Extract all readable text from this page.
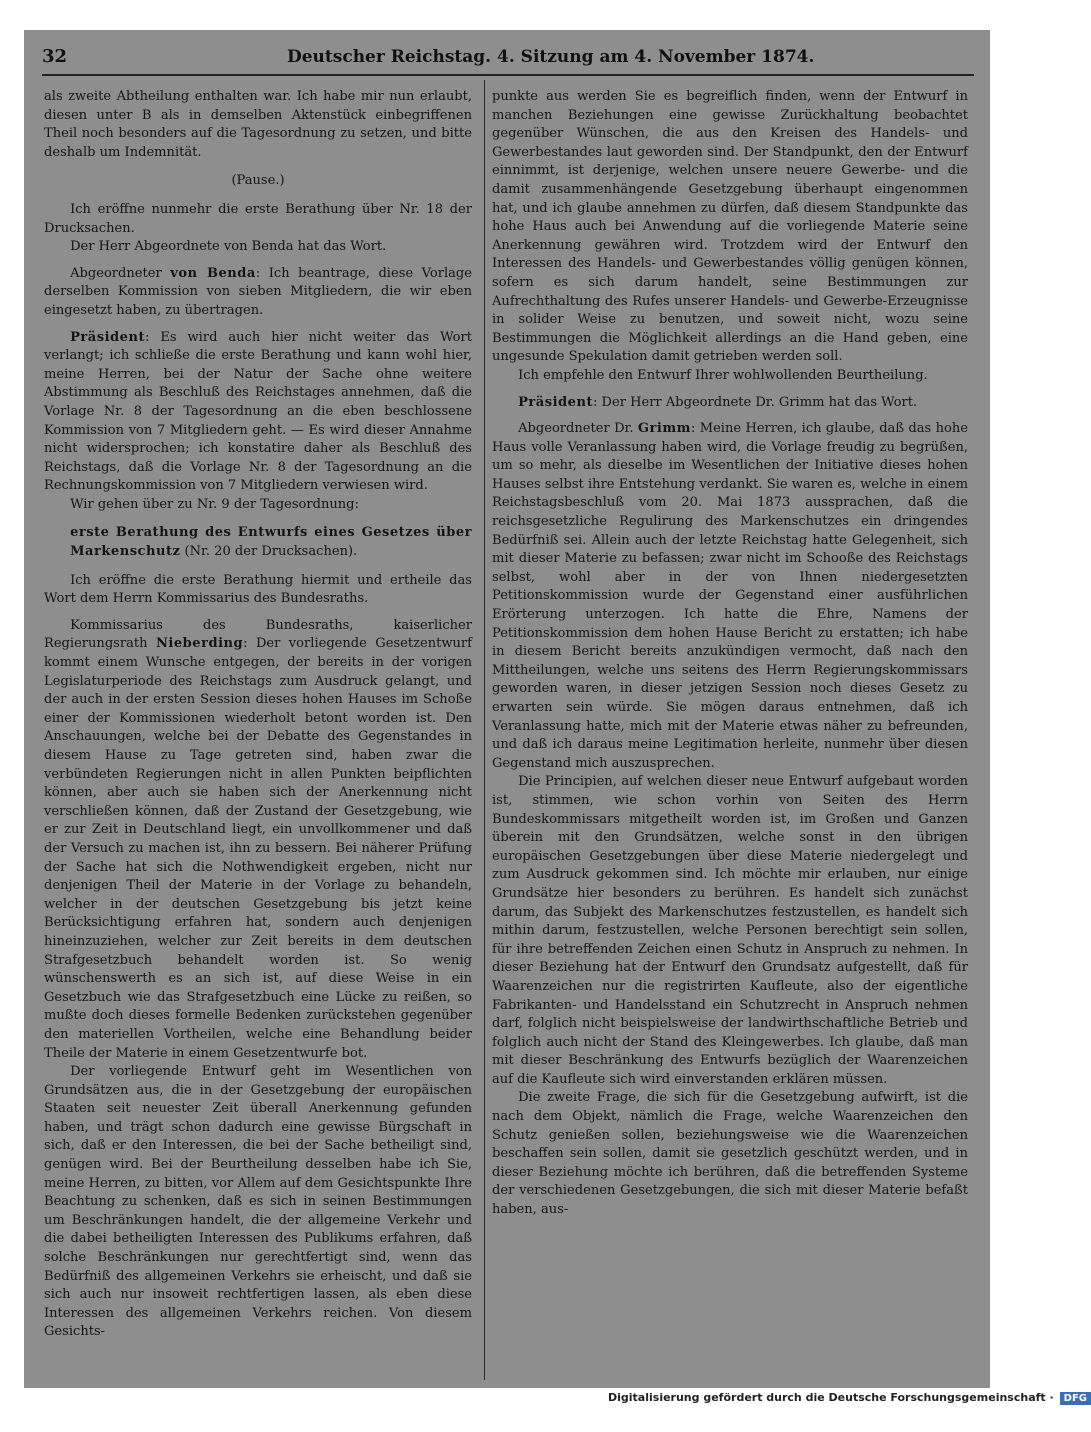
32	Deutscher Reichstag. 4. Sitzung am 4. November 1874.

als zweite Abtheilung enthalten war. Ich habe mir nun erlaubt, diesen unter B als in demselben Aktenstück einbegriffenen Theil noch besonders auf die Tagesordnung zu setzen, und bitte deshalb um Indemnität.

(Pause.)

Ich eröffne nunmehr die erste Berathung über Nr. 18 der Drucksachen.

Der Herr Abgeordnete von Benda hat das Wort.

Abgeordneter von Benda: Ich beantrage, diese Vorlage derselben Kommission von sieben Mitgliedern, die wir eben eingesetzt haben, zu übertragen.

Präsident: Es wird auch hier nicht weiter das Wort verlangt; ich schließe die erste Berathung und kann wohl hier, meine Herren, bei der Natur der Sache ohne weitere Abstimmung als Beschluß des Reichstages annehmen, daß die Vorlage Nr. 8 der Tagesordnung an die eben beschlossene Kommission von 7 Mitgliedern geht. — Es wird dieser Annahme nicht widersprochen; ich konstatire daher als Beschluß des Reichstags, daß die Vorlage Nr. 8 der Tagesordnung an die Rechnungskommission von 7 Mitgliedern verwiesen wird.

Wir gehen über zu Nr. 9 der Tagesordnung:

erste Berathung des Entwurfs eines Gesetzes über Markenschutz (Nr. 20 der Drucksachen).

Ich eröffne die erste Berathung hiermit und ertheile das Wort dem Herrn Kommissarius des Bundesraths.

Kommissarius des Bundesraths, kaiserlicher Regierungsrath Nieberding: Der vorliegende Gesetzentwurf kommt einem Wunsche entgegen, der bereits in der vorigen Legislaturperiode des Reichstags zum Ausdruck gelangt, und der auch in der ersten Session dieses hohen Hauses im Schoße einer der Kommissionen wiederholt betont worden ist. Den Anschauungen, welche bei der Debatte des Gegenstandes in diesem Hause zu Tage getreten sind, haben zwar die verbündeten Regierungen nicht in allen Punkten beipflichten können, aber auch sie haben sich der Anerkennung nicht verschließen können, daß der Zustand der Gesetzgebung, wie er zur Zeit in Deutschland liegt, ein unvollkommener und daß der Versuch zu machen ist, ihn zu bessern. Bei näherer Prüfung der Sache hat sich die Nothwendigkeit ergeben, nicht nur denjenigen Theil der Materie in der Vorlage zu behandeln, welcher in der deutschen Gesetzgebung bis jetzt keine Berücksichtigung erfahren hat, sondern auch denjenigen hineinzuziehen, welcher zur Zeit bereits in dem deutschen Strafgesetzbuch behandelt worden ist. So wenig wünschenswerth es an sich ist, auf diese Weise in ein Gesetzbuch wie das Strafgesetzbuch eine Lücke zu reißen, so mußte doch dieses formelle Bedenken zurückstehen gegenüber den materiellen Vortheilen, welche eine Behandlung beider Theile der Materie in einem Gesetzentwurfe bot.

Der vorliegende Entwurf geht im Wesentlichen von Grundsätzen aus, die in der Gesetzgebung der europäischen Staaten seit neuester Zeit überall Anerkennung gefunden haben, und trägt schon dadurch eine gewisse Bürgschaft in sich, daß er den Interessen, die bei der Sache betheiligt sind, genügen wird. Bei der Beurtheilung desselben habe ich Sie, meine Herren, zu bitten, vor Allem auf dem Gesichtspunkte Ihre Beachtung zu schenken, daß es sich in seinen Bestimmungen um Beschränkungen handelt, die der allgemeine Verkehr und die dabei betheiligten Interessen des Publikums erfahren, daß solche Beschränkungen nur gerechtfertigt sind, wenn das Bedürfniß des allgemeinen Verkehrs sie erheischt, und daß sie sich auch nur insoweit rechtfertigen lassen, als eben diese Interessen des allgemeinen Verkehrs reichen. Von diesem Gesichts-

punkte aus werden Sie es begreiflich finden, wenn der Entwurf in manchen Beziehungen eine gewisse Zurückhaltung beobachtet gegenüber Wünschen, die aus den Kreisen des Handels- und Gewerbestandes laut geworden sind. Der Standpunkt, den der Entwurf einnimmt, ist derjenige, welchen unsere neuere Gewerbe- und die damit zusammenhängende Gesetzgebung überhaupt eingenommen hat, und ich glaube annehmen zu dürfen, daß diesem Standpunkte das hohe Haus auch bei Anwendung auf die vorliegende Materie seine Anerkennung gewähren wird. Trotzdem wird der Entwurf den Interessen des Handels- und Gewerbestandes völlig genügen können, sofern es sich darum handelt, seine Bestimmungen zur Aufrechthaltung des Rufes unserer Handels- und Gewerbe-Erzeugnisse in solider Weise zu benutzen, und soweit nicht, wozu seine Bestimmungen die Möglichkeit allerdings an die Hand geben, eine ungesunde Spekulation damit getrieben werden soll.

Ich empfehle den Entwurf Ihrer wohlwollenden Beurtheilung.

Präsident: Der Herr Abgeordnete Dr. Grimm hat das Wort.

Abgeordneter Dr. Grimm: Meine Herren, ich glaube, daß das hohe Haus volle Veranlassung haben wird, die Vorlage freudig zu begrüßen, um so mehr, als dieselbe im Wesentlichen der Initiative dieses hohen Hauses selbst ihre Entstehung verdankt. Sie waren es, welche in einem Reichstagsbeschluß vom 20. Mai 1873 aussprachen, daß die reichsgesetzliche Regulirung des Markenschutzes ein dringendes Bedürfniß sei. Allein auch der letzte Reichstag hatte Gelegenheit, sich mit dieser Materie zu befassen; zwar nicht im Schooße des Reichstags selbst, wohl aber in der von Ihnen niedergesetzten Petitionskommission wurde der Gegenstand einer ausführlichen Erörterung unterzogen. Ich hatte die Ehre, Namens der Petitionskommission dem hohen Hause Bericht zu erstatten; ich habe in diesem Bericht bereits anzukündigen vermocht, daß nach den Mittheilungen, welche uns seitens des Herrn Regierungskommissars geworden waren, in dieser jetzigen Session noch dieses Gesetz zu erwarten sein würde. Sie mögen daraus entnehmen, daß ich Veranlassung hatte, mich mit der Materie etwas näher zu befreunden, und daß ich daraus meine Legitimation herleite, nunmehr über diesen Gegenstand mich auszusprechen.

Die Principien, auf welchen dieser neue Entwurf aufgebaut worden ist, stimmen, wie schon vorhin von Seiten des Herrn Bundeskommissars mitgetheilt worden ist, im Großen und Ganzen überein mit den Grundsätzen, welche sonst in den übrigen europäischen Gesetzgebungen über diese Materie niedergelegt und zum Ausdruck gekommen sind. Ich möchte mir erlauben, nur einige Grundsätze hier besonders zu berühren. Es handelt sich zunächst darum, das Subjekt des Markenschutzes festzustellen, es handelt sich mithin darum, festzustellen, welche Personen berechtigt sein sollen, für ihre betreffenden Zeichen einen Schutz in Anspruch zu nehmen. In dieser Beziehung hat der Entwurf den Grundsatz aufgestellt, daß für Waarenzeichen nur die registrirten Kaufleute, also der eigentliche Fabrikanten- und Handelsstand ein Schutzrecht in Anspruch nehmen darf, folglich nicht beispielsweise der landwirthschaftliche Betrieb und folglich auch nicht der Stand des Kleingewerbes. Ich glaube, daß man mit dieser Beschränkung des Entwurfs bezüglich der Waarenzeichen auf die Kaufleute sich wird einverstanden erklären müssen.

Die zweite Frage, die sich für die Gesetzgebung aufwirft, ist die nach dem Objekt, nämlich die Frage, welche Waarenzeichen den Schutz genießen sollen, beziehungsweise wie die Waarenzeichen beschaffen sein sollen, damit sie gesetzlich geschützt werden, und in dieser Beziehung möchte ich berühren, daß die betreffenden Systeme der verschiedenen Gesetzgebungen, die sich mit dieser Materie befaßt haben, aus-

Digitalisierung gefördert durch die Deutsche Forschungsgemeinschaft · DFG
